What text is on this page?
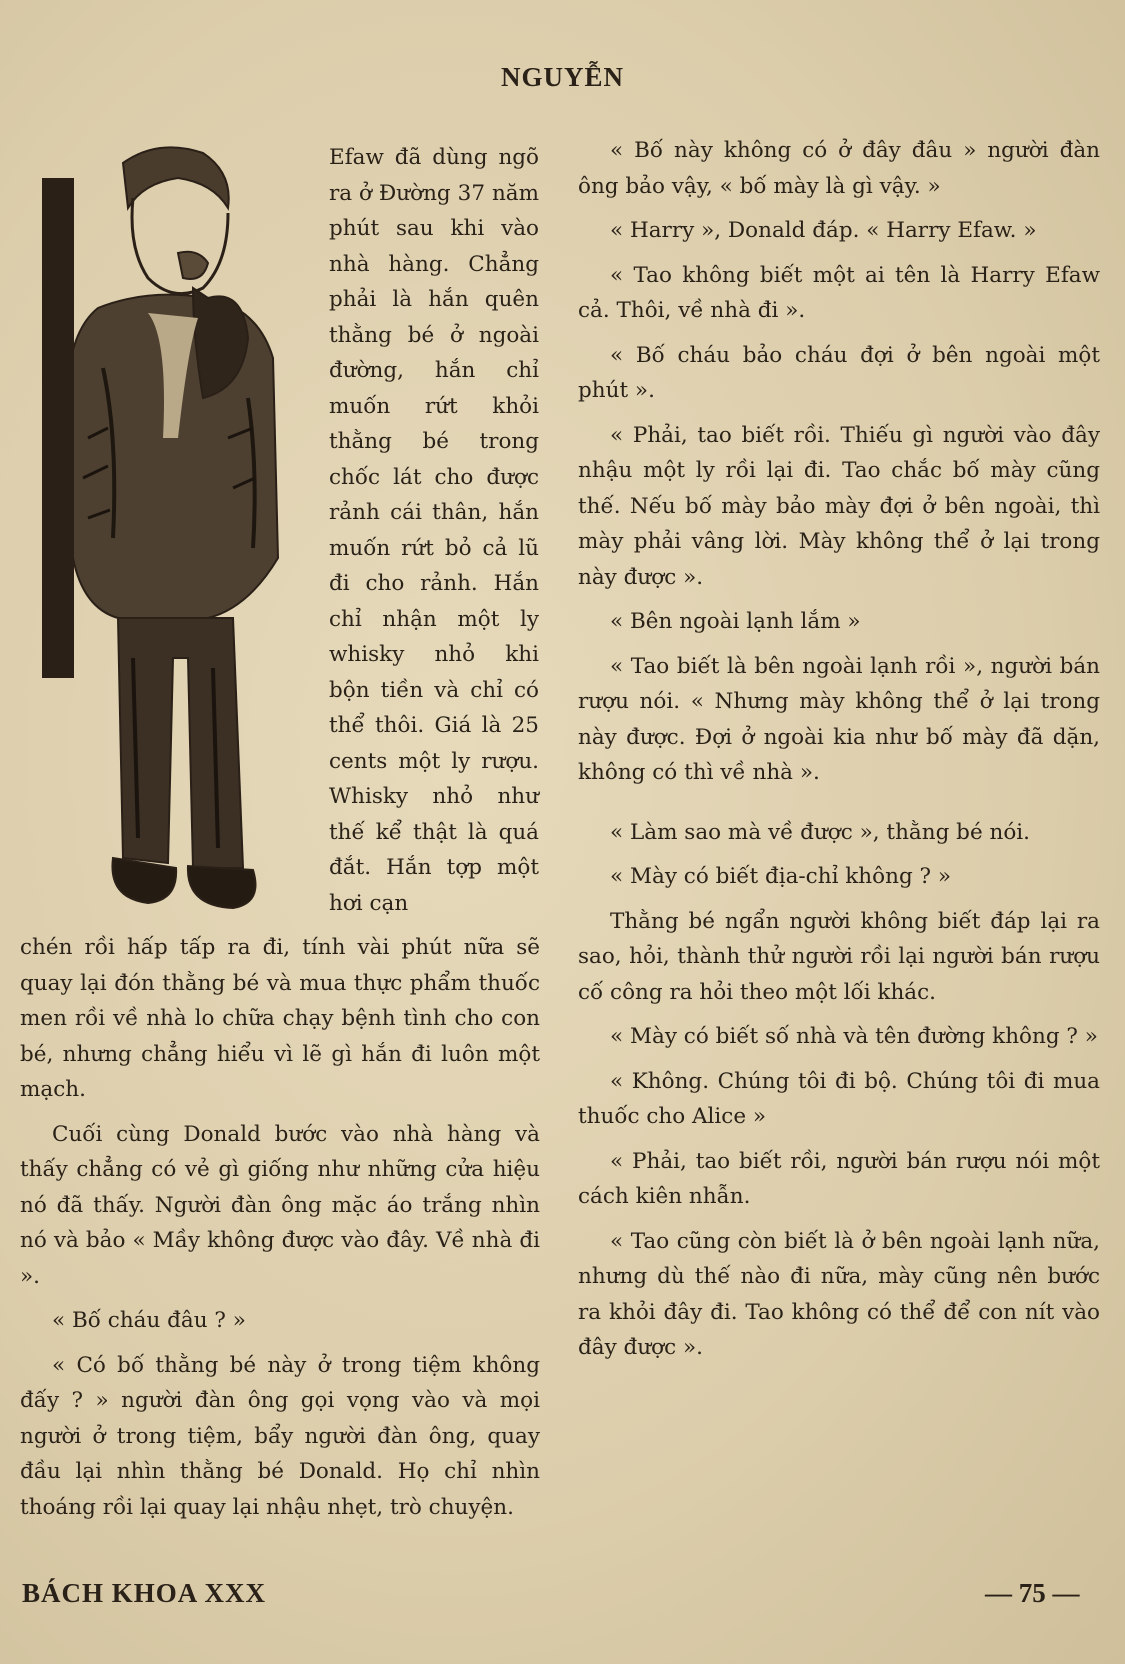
NGUYỄN

Efaw đã dùng ngõ ra ở Đường 37 năm phút sau khi vào nhà hàng. Chẳng phải là hắn quên thằng bé ở ngoài đường, hắn chỉ muốn rứt khỏi thằng bé trong chốc lát cho được rảnh cái thân, hắn muốn rứt bỏ cả lũ đi cho rảnh. Hắn chỉ nhận một ly whisky nhỏ khi bộn tiền và chỉ có thể thôi. Giá là 25 cents một ly rượu. Whisky nhỏ như thế kể thật là quá đắt. Hắn tợp một hơi cạn

chén rồi hấp tấp ra đi, tính vài phút nữa sẽ quay lại đón thằng bé và mua thực phẩm thuốc men rồi về nhà lo chữa chạy bệnh tình cho con bé, nhưng chẳng hiểu vì lẽ gì hắn đi luôn một mạch.

Cuối cùng Donald bước vào nhà hàng và thấy chẳng có vẻ gì giống như những cửa hiệu nó đã thấy. Người đàn ông mặc áo trắng nhìn nó và bảo « Mầy không được vào đây. Về nhà đi ».

« Bố cháu đâu ? »

« Có bố thằng bé này ở trong tiệm không đấy ? » người đàn ông gọi vọng vào và mọi người ở trong tiệm, bẩy người đàn ông, quay đầu lại nhìn thằng bé Donald. Họ chỉ nhìn thoáng rồi lại quay lại nhậu nhẹt, trò chuyện.

« Bố này không có ở đây đâu » người đàn ông bảo vậy, « bố mày là gì vậy. »

« Harry », Donald đáp. « Harry Efaw. »

« Tao không biết một ai tên là Harry Efaw cả. Thôi, về nhà đi ».

« Bố cháu bảo cháu đợi ở bên ngoài một phút ».

« Phải, tao biết rồi. Thiếu gì người vào đây nhậu một ly rồi lại đi. Tao chắc bố mày cũng thế. Nếu bố mày bảo mày đợi ở bên ngoài, thì mày phải vâng lời. Mày không thể ở lại trong này được ».

« Bên ngoài lạnh lắm »

« Tao biết là bên ngoài lạnh rồi », người bán rượu nói. « Nhưng mày không thể ở lại trong này được. Đợi ở ngoài kia như bố mày đã dặn, không có thì về nhà ».

« Làm sao mà về được », thằng bé nói.

« Mày có biết địa-chỉ không ? »

Thằng bé ngẩn người không biết đáp lại ra sao, hỏi, thành thử người rồi lại người bán rượu cố công ra hỏi theo một lối khác.

« Mày có biết số nhà và tên đường không ? »

« Không. Chúng tôi đi bộ. Chúng tôi đi mua thuốc cho Alice »

« Phải, tao biết rồi, người bán rượu nói một cách kiên nhẫn.

« Tao cũng còn biết là ở bên ngoài lạnh nữa, nhưng dù thế nào đi nữa, mày cũng nên bước ra khỏi đây đi. Tao không có thể để con nít vào đây được ».

BÁCH KHOA XXX	— 75 —
